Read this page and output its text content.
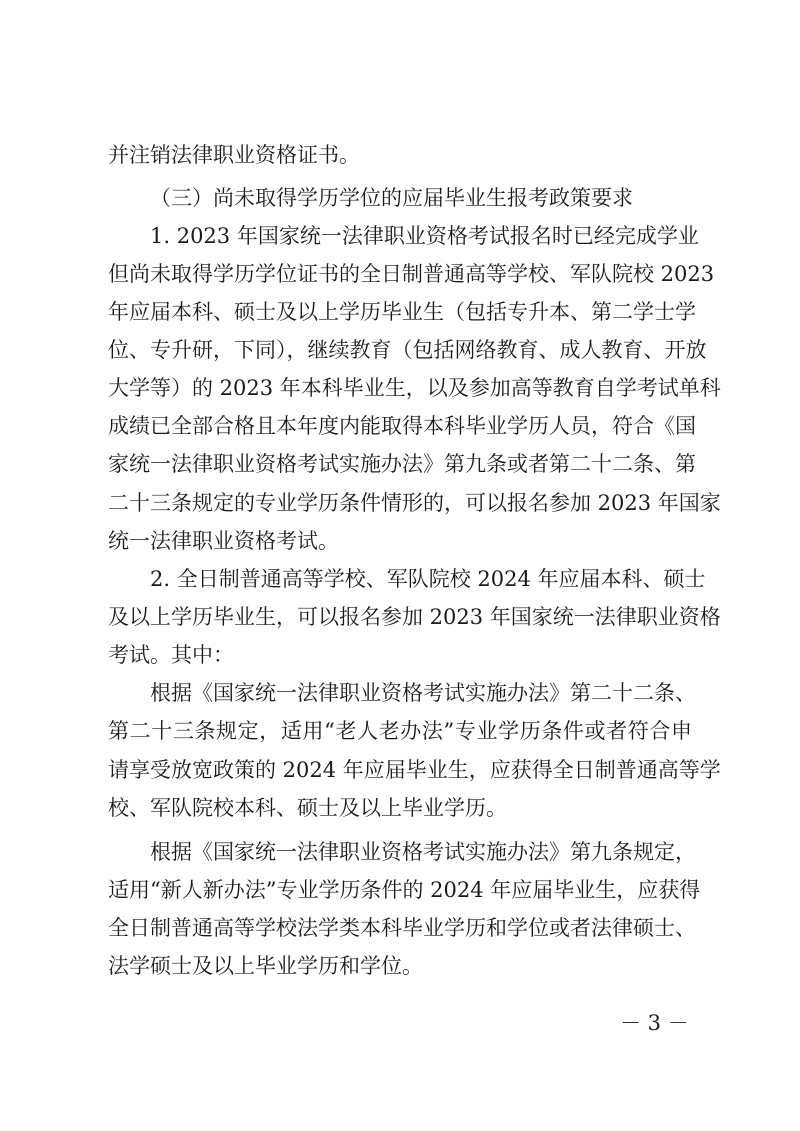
并注销法律职业资格证书。
（三）尚未取得学历学位的应届毕业生报考政策要求
1. 2023 年国家统一法律职业资格考试报名时已经完成学业
但尚未取得学历学位证书的全日制普通高等学校、军队院校 2023
年应届本科、硕士及以上学历毕业生（包括专升本、第二学士学
位、专升研，下同），继续教育（包括网络教育、成人教育、开放
大学等）的 2023 年本科毕业生，以及参加高等教育自学考试单科
成绩已全部合格且本年度内能取得本科毕业学历人员，符合《国
家统一法律职业资格考试实施办法》第九条或者第二十二条、第
二十三条规定的专业学历条件情形的，可以报名参加 2023 年国家
统一法律职业资格考试。
2. 全日制普通高等学校、军队院校 2024 年应届本科、硕士
及以上学历毕业生，可以报名参加 2023 年国家统一法律职业资格
考试。其中：
根据《国家统一法律职业资格考试实施办法》第二十二条、
第二十三条规定，适用“老人老办法”专业学历条件或者符合申
请享受放宽政策的 2024 年应届毕业生，应获得全日制普通高等学
校、军队院校本科、硕士及以上毕业学历。
根据《国家统一法律职业资格考试实施办法》第九条规定，
适用“新人新办法”专业学历条件的 2024 年应届毕业生，应获得
全日制普通高等学校法学类本科毕业学历和学位或者法律硕士、
法学硕士及以上毕业学历和学位。
－ 3 －
